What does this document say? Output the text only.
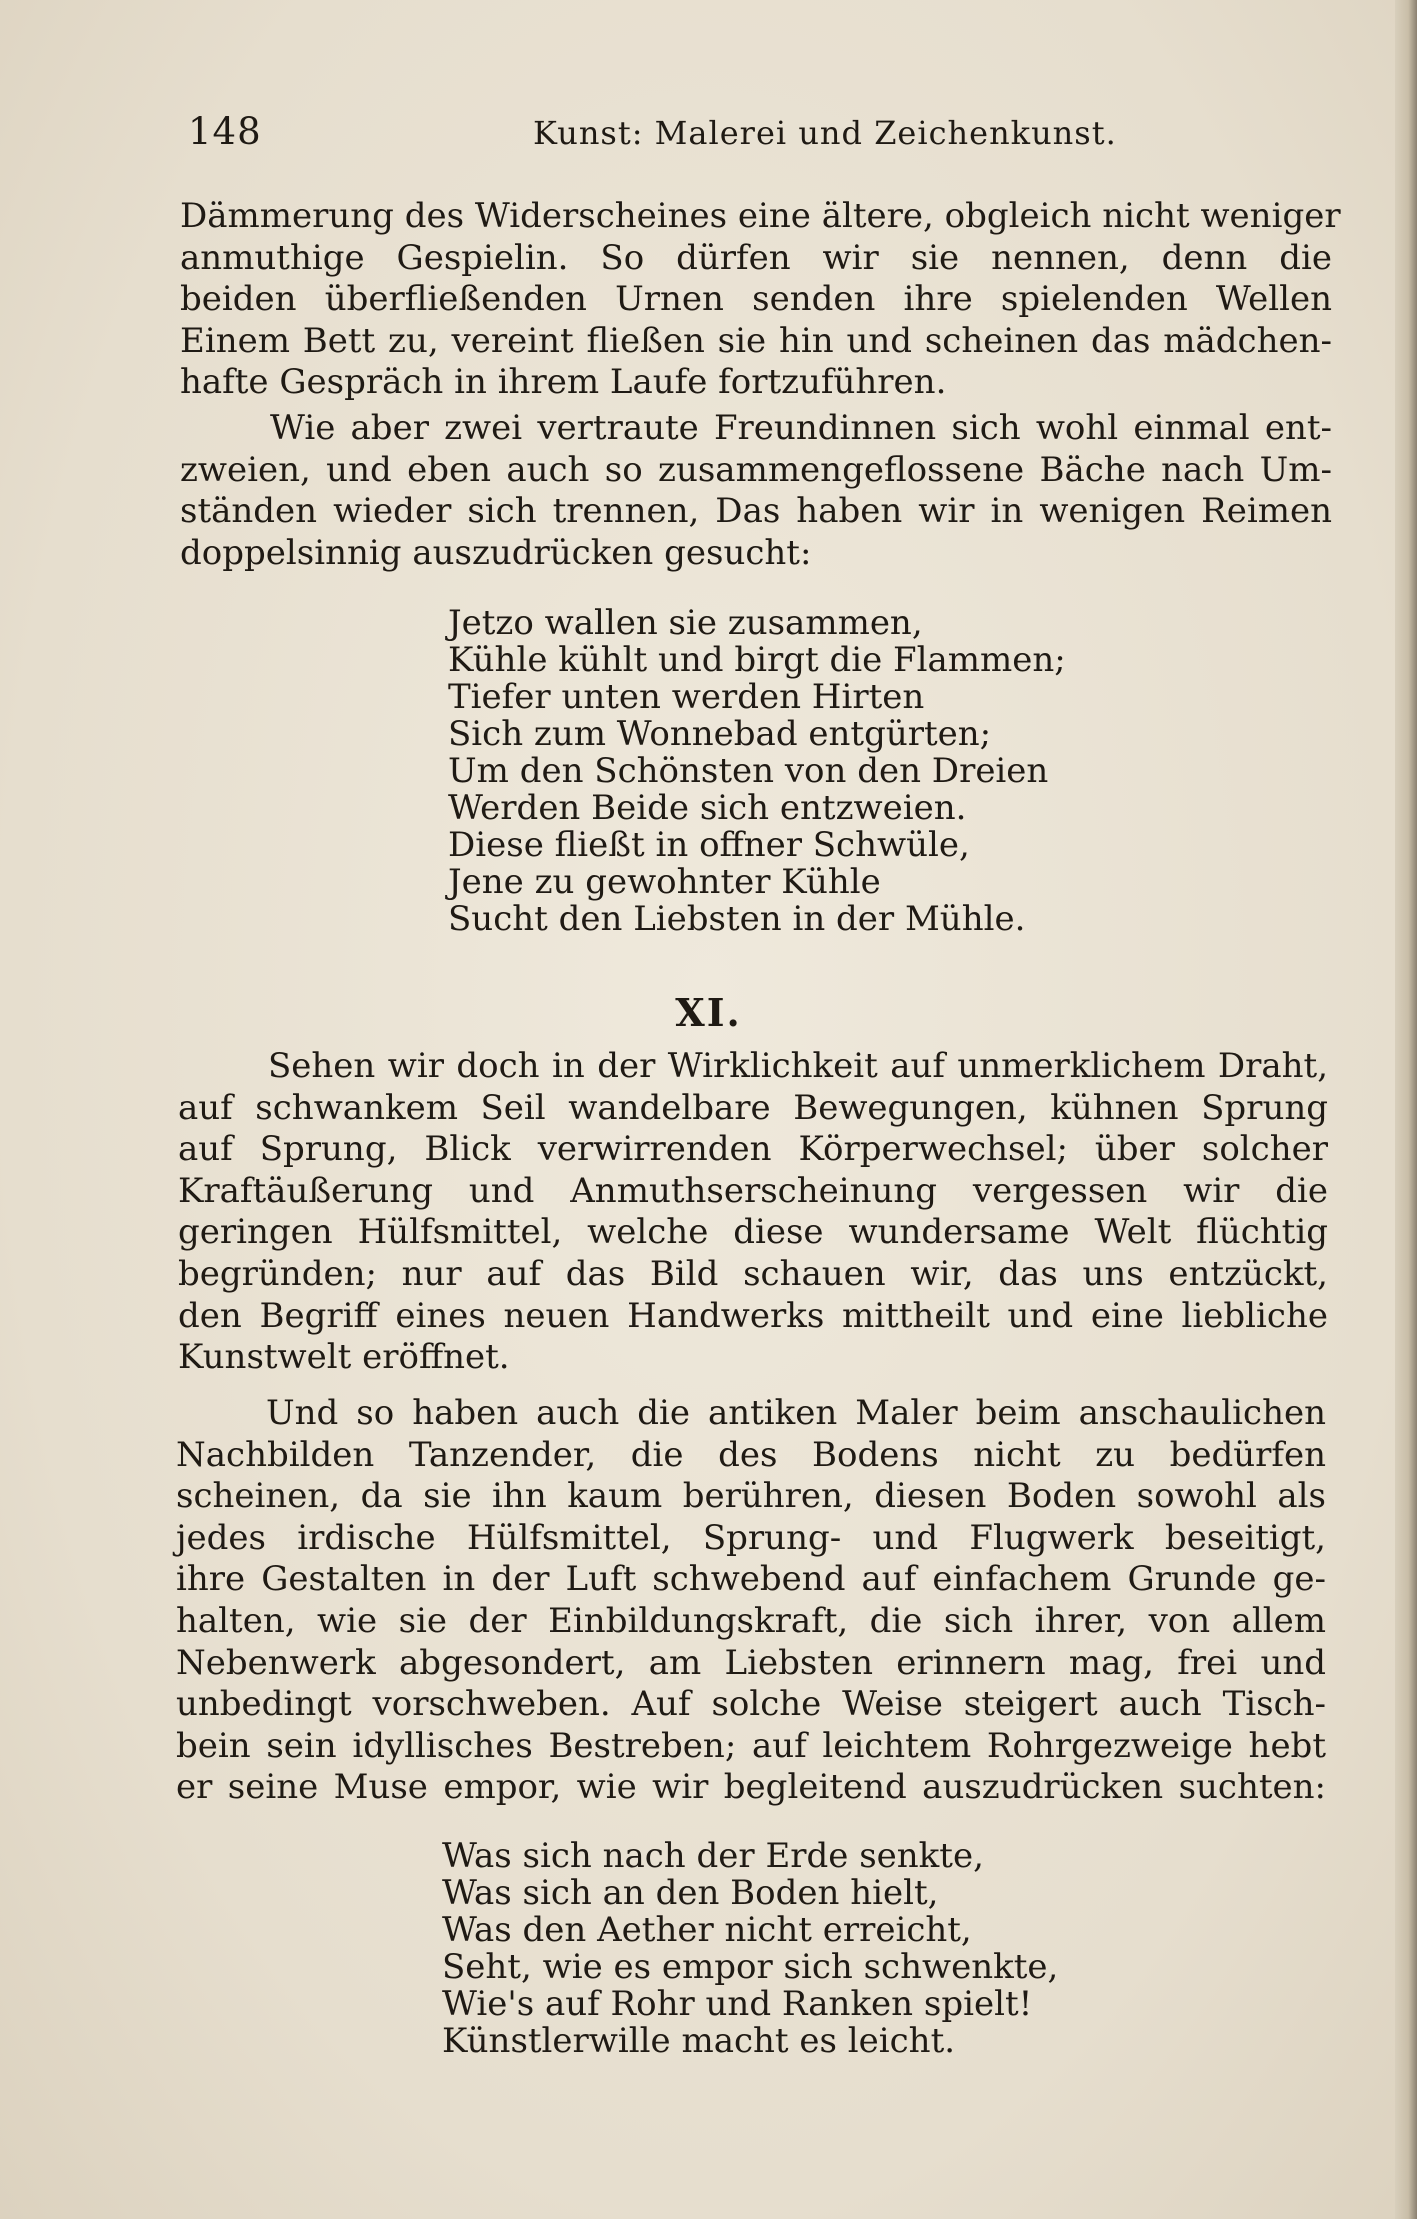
148	Kunst: Malerei und Zeichenkunst.

Dämmerung des Widerscheines eine ältere, obgleich nicht weniger
anmuthige Gespielin. So dürfen wir sie nennen, denn die
beiden überfließenden Urnen senden ihre spielenden Wellen
Einem Bett zu, vereint fließen sie hin und scheinen das mädchen-
hafte Gespräch in ihrem Laufe fortzuführen.

Wie aber zwei vertraute Freundinnen sich wohl einmal ent-
zweien, und eben auch so zusammengeflossene Bäche nach Um-
ständen wieder sich trennen, Das haben wir in wenigen Reimen
doppelsinnig auszudrücken gesucht:

Jetzo wallen sie zusammen,
Kühle kühlt und birgt die Flammen;
Tiefer unten werden Hirten
Sich zum Wonnebad entgürten;
Um den Schönsten von den Dreien
Werden Beide sich entzweien.
Diese fließt in offner Schwüle,
Jene zu gewohnter Kühle
Sucht den Liebsten in der Mühle.
XI.

Sehen wir doch in der Wirklichkeit auf unmerklichem Draht,
auf schwankem Seil wandelbare Bewegungen, kühnen Sprung
auf Sprung, Blick verwirrenden Körperwechsel; über solcher
Kraftäußerung und Anmuthserscheinung vergessen wir die
geringen Hülfsmittel, welche diese wundersame Welt flüchtig
begründen; nur auf das Bild schauen wir, das uns entzückt,
den Begriff eines neuen Handwerks mittheilt und eine liebliche
Kunstwelt eröffnet.

Und so haben auch die antiken Maler beim anschaulichen
Nachbilden Tanzender, die des Bodens nicht zu bedürfen
scheinen, da sie ihn kaum berühren, diesen Boden sowohl als
jedes irdische Hülfsmittel, Sprung- und Flugwerk beseitigt,
ihre Gestalten in der Luft schwebend auf einfachem Grunde ge-
halten, wie sie der Einbildungskraft, die sich ihrer, von allem
Nebenwerk abgesondert, am Liebsten erinnern mag, frei und
unbedingt vorschweben. Auf solche Weise steigert auch Tisch-
bein sein idyllisches Bestreben; auf leichtem Rohrgezweige hebt
er seine Muse empor, wie wir begleitend auszudrücken suchten:

Was sich nach der Erde senkte,
Was sich an den Boden hielt,
Was den Aether nicht erreicht,
Seht, wie es empor sich schwenkte,
Wie's auf Rohr und Ranken spielt!
Künstlerwille macht es leicht.
